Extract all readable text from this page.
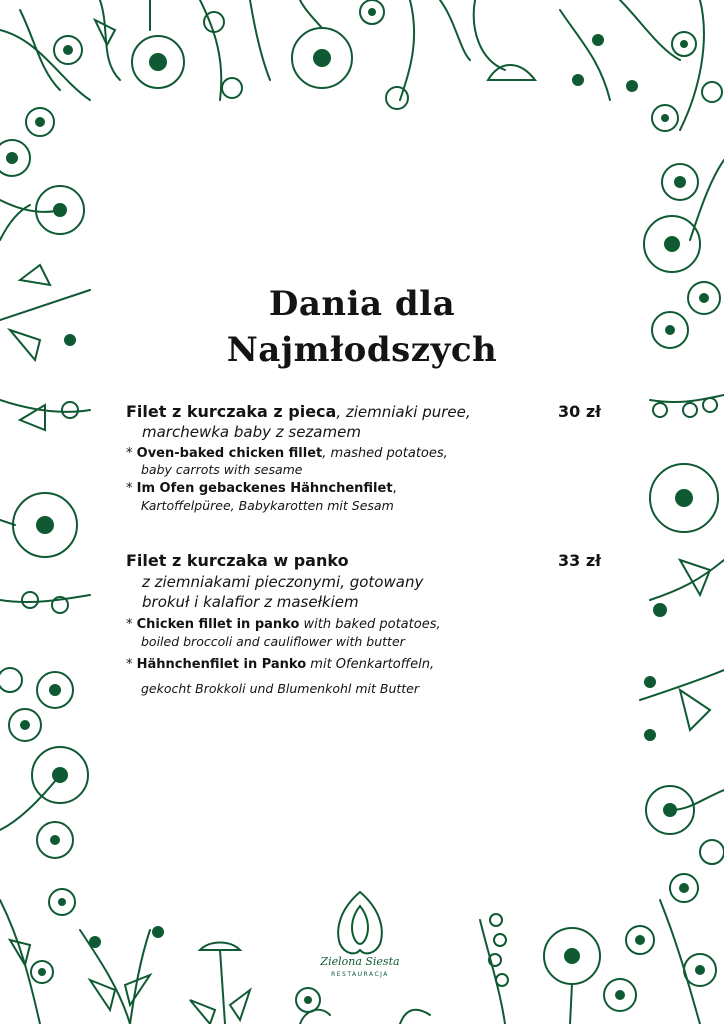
Dania dla
Najmłodszych
Filet z kurczaka z pieca, ziemniaki puree,	30 zł
marchewka baby z sezamem
* Oven-baked chicken fillet, mashed potatoes,
baby carrots with sesame
* Im Ofen gebackenes Hähnchenfilet,
Kartoffelpüree, Babykarotten mit Sesam
Filet z kurczaka w panko	33 zł
z ziemniakami pieczonymi, gotowany
brokuł i kalafior z masełkiem
* Chicken fillet in panko with baked potatoes,
boiled broccoli and cauliflower with butter
* Hähnchenfilet in Panko mit Ofenkartoffeln,
gekocht Brokkoli und Blumenkohl mit Butter
Zielona Siesta
RESTAURACJA
